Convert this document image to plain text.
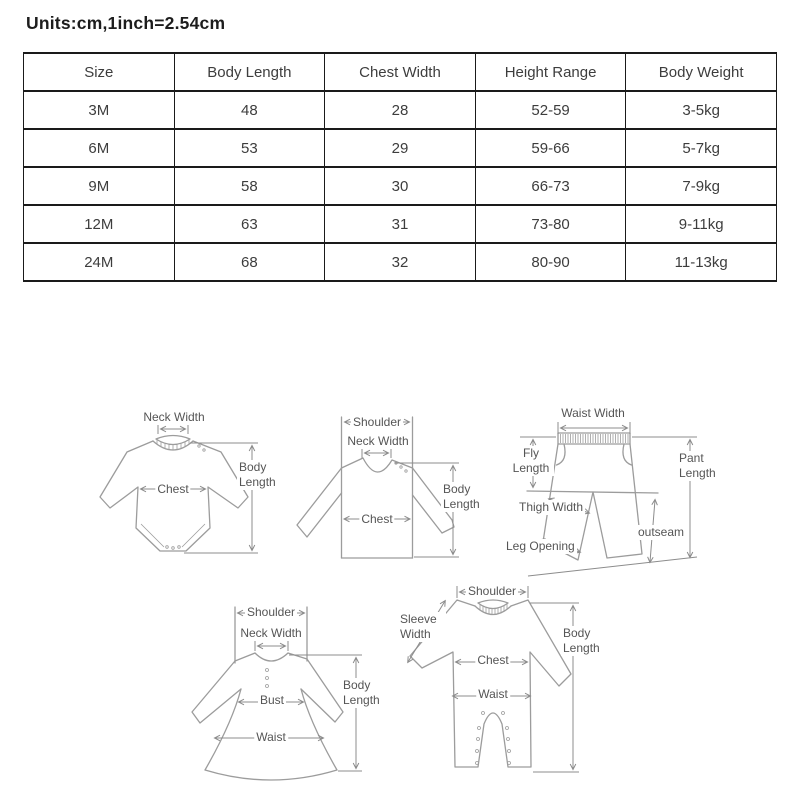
Units:cm,1inch=2.54cm
Size	Body Length	Chest Width	Height Range	Body Weight
3M	48	28	52-59	3-5kg
6M	53	29	59-66	5-7kg
9M	58	30	66-73	7-9kg
12M	63	31	73-80	9-11kg
24M	68	32	80-90	11-13kg
Neck Width
Chest
Body Length
Shoulder
Neck Width
Chest
Body Length
Waist Width
Fly Length
Pant Length
Thigh Width
outseam
Leg Opening
Shoulder
Neck Width
Bust
Waist
Body Length
Shoulder
Sleeve Width
Chest
Waist
Body Length
